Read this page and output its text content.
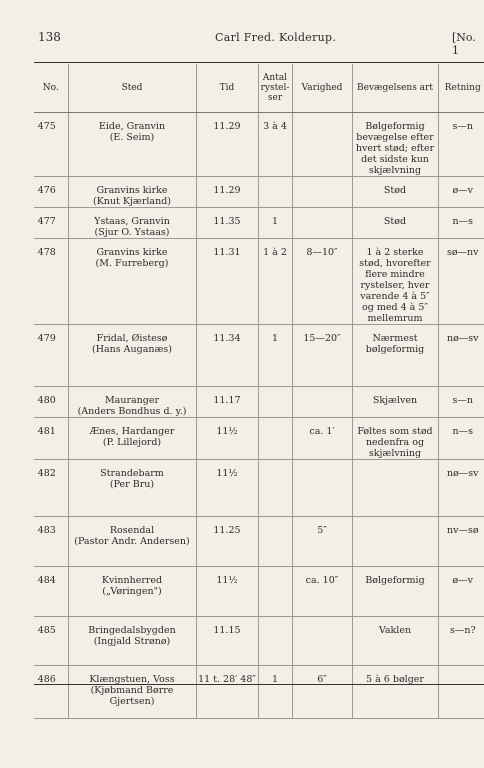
138	Carl Fred. Kolderup.	[No. 1
No.	Sted	Tid	Antal rystel-ser	Varighed	Bevægelsens art	Retning
475	Eide, Granvin
(E. Seim)	11.29	3 à 4		Bølgeformig bevægelse efter hvert stød; efter det sidste kun skjælvning	s—n
476	Granvins kirke
(Knut Kjærland)	11.29			Stød	ø—v
477	Ystaas, Granvin
(Sjur O. Ystaas)	11.35	1		Stød	n—s
478	Granvins kirke
(M. Furreberg)	11.31	1 à 2	8—10″	1 à 2 sterke stød, hvorefter flere mindre rystelser, hver varende 4 à 5″ og med 4 à 5″ mellemrum	sø—nv
479	Fridal, Øistesø
(Hans Auganæs)	11.34	1	15—20″	Nærmest bølgeformig	nø—sv
480	Mauranger
(Anders Bondhus d. y.)	11.17			Skjælven	s—n
481	Ænes, Hardanger
(P. Lillejord)	11½		ca. 1′	Føltes som stød nedenfra og skjælvning	n—s
482	Strandebarm
(Per Bru)	11½				nø—sv
483	Rosendal
(Pastor Andr. Andersen)	11.25		5″		nv—sø
484	Kvinnherred
(„Vøringen")	11½		ca. 10″	Bølgeformig	ø—v
485	Bringedalsbygden
(Ingjald Strønø)	11.15			Vaklen	s—n?
486	Klængstuen, Voss
(Kjøbmand Børre Gjertsen)	11 t. 28′ 48″	1	6″	5 à 6 bølger	
